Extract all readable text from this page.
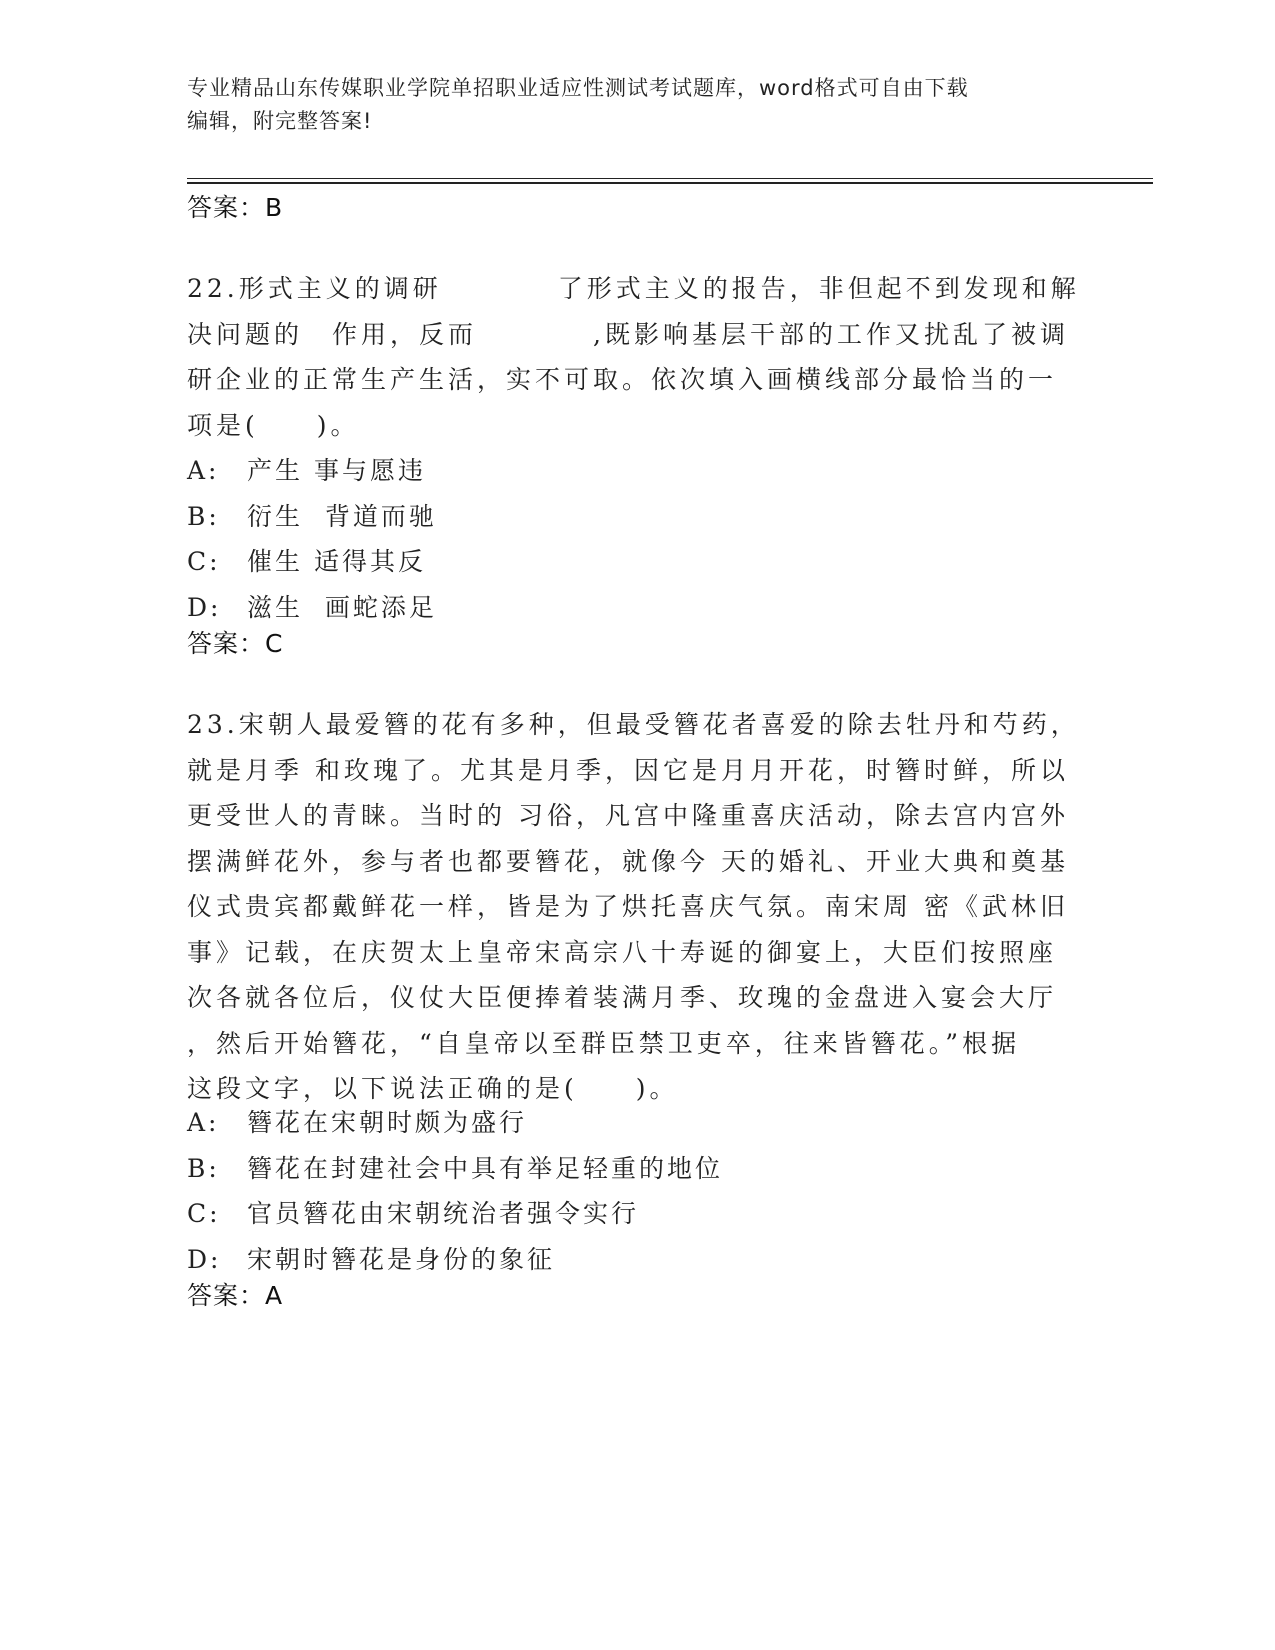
专业精品山东传媒职业学院单招职业适应性测试考试题库，word格式可自由下载
编辑，附完整答案!
答案：B
22.形式主义的调研　　　　了形式主义的报告，非但起不到发现和解
决问题的　作用，反而　　　　,既影响基层干部的工作又扰乱了被调
研企业的正常生产生活，实不可取。依次填入画横线部分最恰当的一
项是(　　)。
A:	产生 事与愿违
B:	衍生  背道而驰
C:	催生 适得其反
D:	滋生  画蛇添足
答案：C
23.宋朝人最爱簪的花有多种，但最受簪花者喜爱的除去牡丹和芍药，
就是月季 和玫瑰了。尤其是月季，因它是月月开花，时簪时鲜，所以
更受世人的青睐。当时的 习俗，凡宫中隆重喜庆活动，除去宫内宫外
摆满鲜花外，参与者也都要簪花，就像今 天的婚礼、开业大典和奠基
仪式贵宾都戴鲜花一样，皆是为了烘托喜庆气氛。南宋周 密《武林旧
事》记载，在庆贺太上皇帝宋高宗八十寿诞的御宴上，大臣们按照座
次各就各位后，仪仗大臣便捧着装满月季、玫瑰的金盘进入宴会大厅
，然后开始簪花，“自皇帝以至群臣禁卫吏卒，往来皆簪花。”根据
这段文字，以下说法正确的是(　　)。
A:	簪花在宋朝时颇为盛行
B:	簪花在封建社会中具有举足轻重的地位
C:	官员簪花由宋朝统治者强令实行
D:	宋朝时簪花是身份的象征
答案：A
